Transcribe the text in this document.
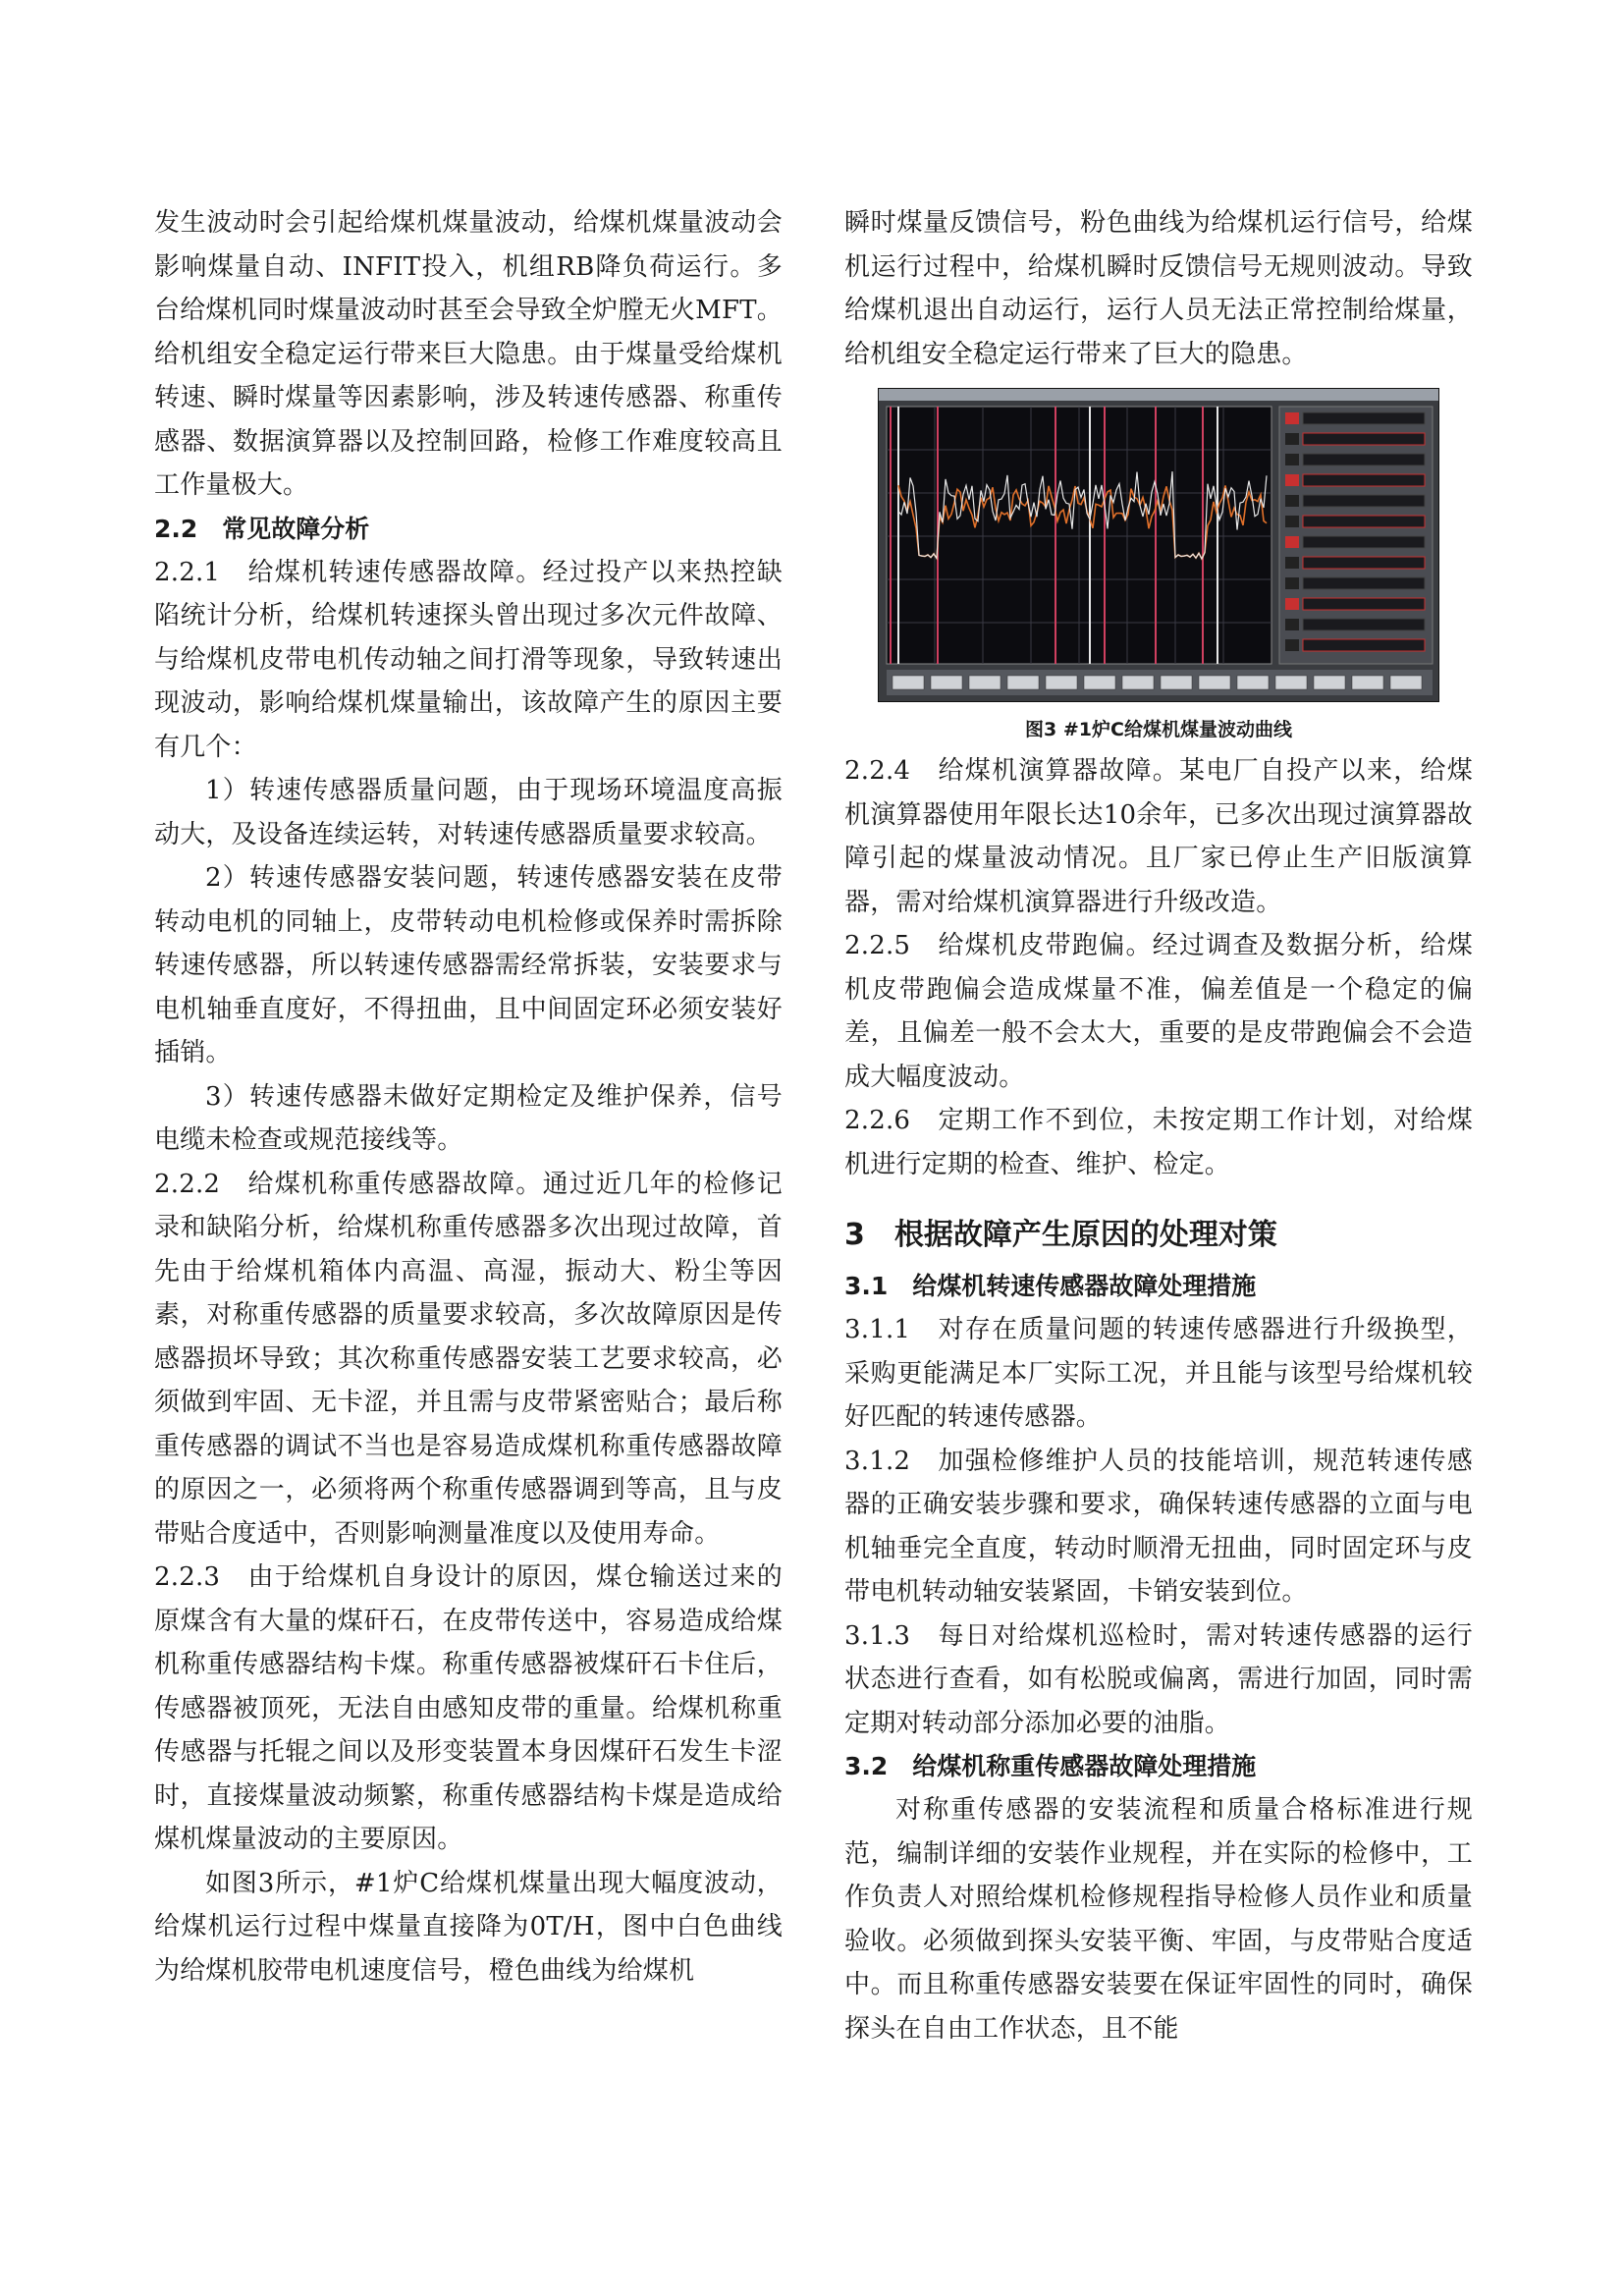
发生波动时会引起给煤机煤量波动，给煤机煤量波动会影响煤量自动、INFIT投入，机组RB降负荷运行。多台给煤机同时煤量波动时甚至会导致全炉膛无火MFT。给机组安全稳定运行带来巨大隐患。由于煤量受给煤机转速、瞬时煤量等因素影响，涉及转速传感器、称重传感器、数据演算器以及控制回路，检修工作难度较高且工作量极大。

2.2　常见故障分析

2.2.1　给煤机转速传感器故障。经过投产以来热控缺陷统计分析，给煤机转速探头曾出现过多次元件故障、与给煤机皮带电机传动轴之间打滑等现象，导致转速出现波动，影响给煤机煤量输出，该故障产生的原因主要有几个：

1）转速传感器质量问题，由于现场环境温度高振动大，及设备连续运转，对转速传感器质量要求较高。

2）转速传感器安装问题，转速传感器安装在皮带转动电机的同轴上，皮带转动电机检修或保养时需拆除转速传感器，所以转速传感器需经常拆装，安装要求与电机轴垂直度好，不得扭曲，且中间固定环必须安装好插销。

3）转速传感器未做好定期检定及维护保养，信号电缆未检查或规范接线等。

2.2.2　给煤机称重传感器故障。通过近几年的检修记录和缺陷分析，给煤机称重传感器多次出现过故障，首先由于给煤机箱体内高温、高湿，振动大、粉尘等因素，对称重传感器的质量要求较高，多次故障原因是传感器损坏导致；其次称重传感器安装工艺要求较高，必须做到牢固、无卡涩，并且需与皮带紧密贴合；最后称重传感器的调试不当也是容易造成煤机称重传感器故障的原因之一，必须将两个称重传感器调到等高，且与皮带贴合度适中，否则影响测量准度以及使用寿命。

2.2.3　由于给煤机自身设计的原因，煤仓输送过来的原煤含有大量的煤矸石，在皮带传送中，容易造成给煤机称重传感器结构卡煤。称重传感器被煤矸石卡住后，传感器被顶死，无法自由感知皮带的重量。给煤机称重传感器与托辊之间以及形变装置本身因煤矸石发生卡涩时，直接煤量波动频繁，称重传感器结构卡煤是造成给煤机煤量波动的主要原因。

如图3所示，#1炉C给煤机煤量出现大幅度波动，给煤机运行过程中煤量直接降为0T/H，图中白色曲线为给煤机胶带电机速度信号，橙色曲线为给煤机

瞬时煤量反馈信号，粉色曲线为给煤机运行信号，给煤机运行过程中，给煤机瞬时反馈信号无规则波动。导致给煤机退出自动运行，运行人员无法正常控制给煤量，给机组安全稳定运行带来了巨大的隐患。

图3 #1炉C给煤机煤量波动曲线

2.2.4　给煤机演算器故障。某电厂自投产以来，给煤机演算器使用年限长达10余年，已多次出现过演算器故障引起的煤量波动情况。且厂家已停止生产旧版演算器，需对给煤机演算器进行升级改造。

2.2.5　给煤机皮带跑偏。经过调查及数据分析，给煤机皮带跑偏会造成煤量不准，偏差值是一个稳定的偏差，且偏差一般不会太大，重要的是皮带跑偏会不会造成大幅度波动。

2.2.6　定期工作不到位，未按定期工作计划，对给煤机进行定期的检查、维护、检定。

3　根据故障产生原因的处理对策
3.1　给煤机转速传感器故障处理措施

3.1.1　对存在质量问题的转速传感器进行升级换型，采购更能满足本厂实际工况，并且能与该型号给煤机较好匹配的转速传感器。

3.1.2　加强检修维护人员的技能培训，规范转速传感器的正确安装步骤和要求，确保转速传感器的立面与电机轴垂完全直度，转动时顺滑无扭曲，同时固定环与皮带电机转动轴安装紧固，卡销安装到位。

3.1.3　每日对给煤机巡检时，需对转速传感器的运行状态进行查看，如有松脱或偏离，需进行加固，同时需定期对转动部分添加必要的油脂。

3.2　给煤机称重传感器故障处理措施

对称重传感器的安装流程和质量合格标准进行规范，编制详细的安装作业规程，并在实际的检修中，工作负责人对照给煤机检修规程指导检修人员作业和质量验收。必须做到探头安装平衡、牢固，与皮带贴合度适中。而且称重传感器安装要在保证牢固性的同时，确保探头在自由工作状态，且不能
